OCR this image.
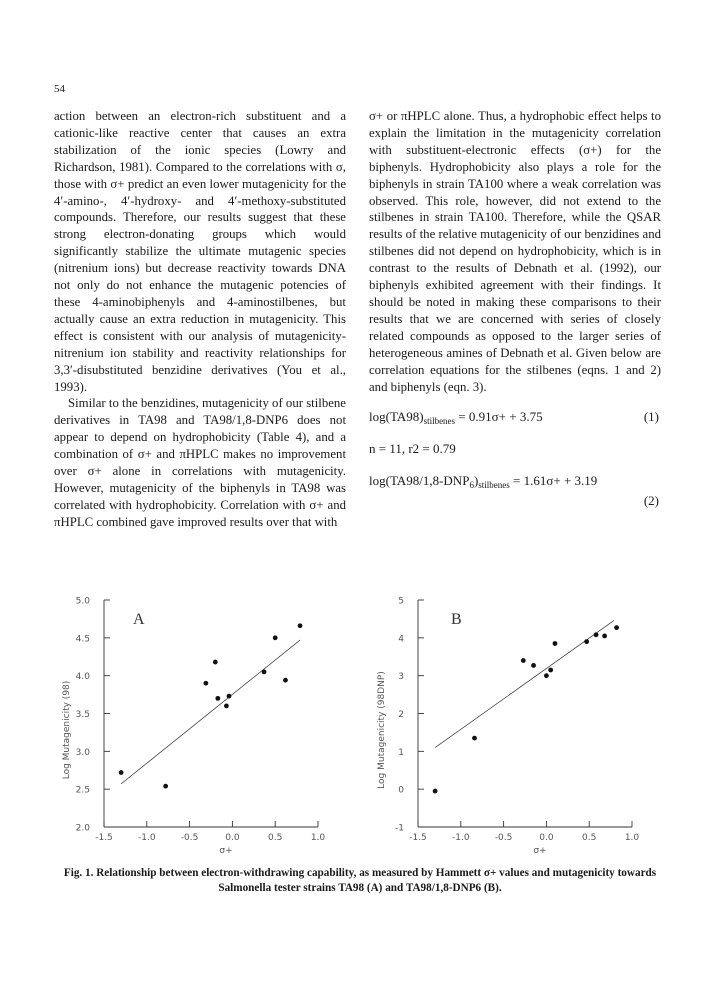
54

action between an electron-rich substituent and a cationic-like reactive center that causes an extra stabilization of the ionic species (Lowry and Richardson, 1981). Compared to the correlations with σ, those with σ+ predict an even lower mutagenicity for the 4′-amino-, 4′-hydroxy- and 4′-methoxy-substituted compounds. Therefore, our results suggest that these strong electron-donating groups which would significantly stabilize the ultimate mutagenic species (nitrenium ions) but decrease reactivity towards DNA not only do not enhance the mutagenic potencies of these 4-aminobiphenyls and 4-aminostilbenes, but actually cause an extra reduction in mutagenicity. This effect is consistent with our analysis of mutagenicity-nitrenium ion stability and reactivity relationships for 3,3′-disubstituted benzidine derivatives (You et al., 1993).

Similar to the benzidines, mutagenicity of our stilbene derivatives in TA98 and TA98/1,8-DNP6 does not appear to depend on hydrophobicity (Table 4), and a combination of σ+ and πHPLC makes no improvement over σ+ alone in correlations with mutagenicity. However, mutagenicity of the biphenyls in TA98 was correlated with hydrophobicity. Correlation with σ+ and πHPLC combined gave improved results over that with

σ+ or πHPLC alone. Thus, a hydrophobic effect helps to explain the limitation in the mutagenicity correlation with substituent-electronic effects (σ+) for the biphenyls. Hydrophobicity also plays a role for the biphenyls in strain TA100 where a weak correlation was observed. This role, however, did not extend to the stilbenes in strain TA100. Therefore, while the QSAR results of the relative mutagenicity of our benzidines and stilbenes did not depend on hydrophobicity, which is in contrast to the results of Debnath et al. (1992), our biphenyls exhibited agreement with their findings. It should be noted in making these comparisons to their results that we are concerned with series of closely related compounds as opposed to the larger series of heterogeneous amines of Debnath et al. Given below are correlation equations for the stilbenes (eqns. 1 and 2) and biphenyls (eqn. 3).

$\log(TA98)_{stilbenes} = 0.91\sigma+ + 3.75$	(1)
n = 11, r2 = 0.79
$\log(TA98/1,8-DNP_6)_{stilbenes} = 1.61\sigma+ + 3.19$
(2)
A
Log Mutagenicity (98)
σ+
5.0
4.5
4.0
3.5
3.0
2.5
2.0
-1.5	-1.0	-0.5	0.0	0.5	1.0
B
Log Mutagenicity (98DNP)
σ+
5
4
3
2
1
0
-1
-1.5	-1.0	-0.5	0.0	0.5	1.0
Fig. 1. Relationship between electron-withdrawing capability, as measured by Hammett σ+ values and mutagenicity towards
Salmonella tester strains TA98 (A) and TA98/1,8-DNP6 (B).
